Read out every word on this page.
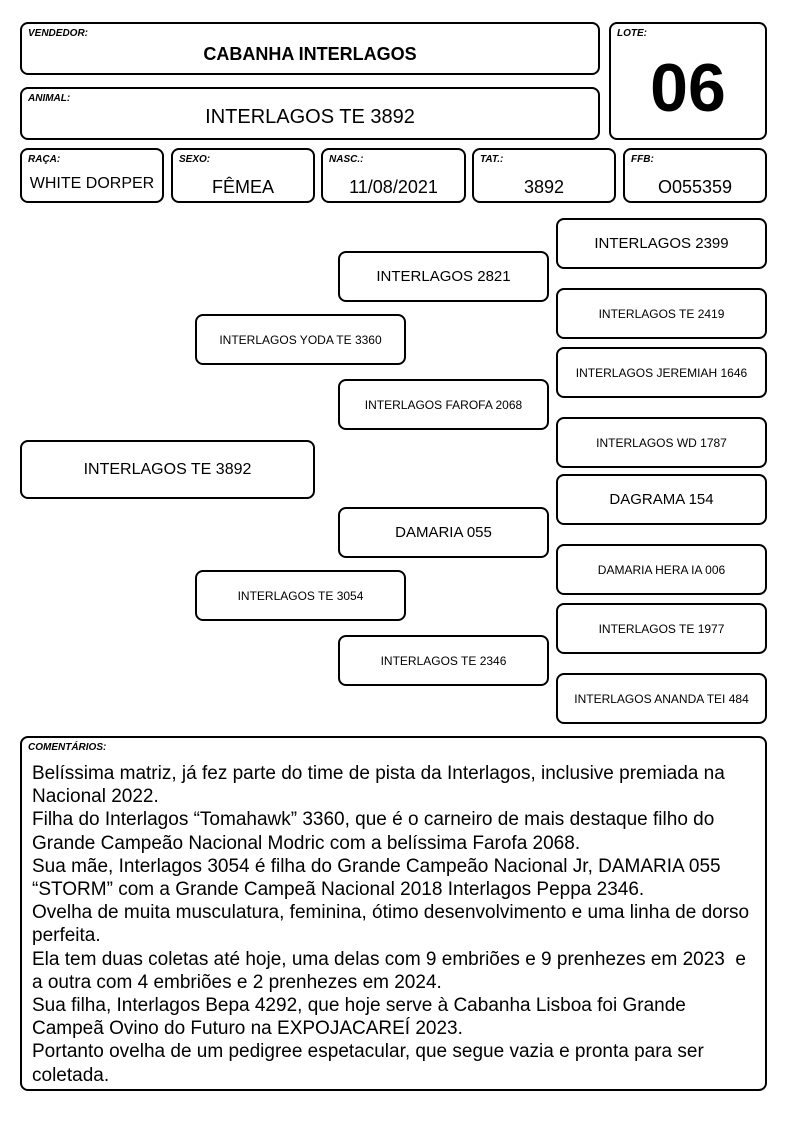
VENDEDOR:
CABANHA INTERLAGOS
ANIMAL:
INTERLAGOS TE 3892
LOTE:
06
RAÇA:
WHITE DORPER
SEXO:
FÊMEA
NASC.:
11/08/2021
TAT.:
3892
FFB:
O055359
INTERLAGOS TE 3892
INTERLAGOS YODA TE 3360
INTERLAGOS TE 3054
INTERLAGOS 2821
INTERLAGOS FAROFA 2068
DAMARIA 055
INTERLAGOS TE 2346
INTERLAGOS 2399
INTERLAGOS TE 2419
INTERLAGOS JEREMIAH 1646
INTERLAGOS WD 1787
DAGRAMA 154
DAMARIA HERA IA 006
INTERLAGOS TE 1977
INTERLAGOS ANANDA TEI 484
COMENTÁRIOS:

Belíssima matriz, já fez parte do time de pista da Interlagos, inclusive premiada na Nacional 2022.

Filha do Interlagos “Tomahawk” 3360, que é o carneiro de mais destaque filho do Grande Campeão Nacional Modric com a belíssima Farofa 2068.

Sua mãe, Interlagos 3054 é filha do Grande Campeão Nacional Jr, DAMARIA 055  “STORM” com a Grande Campeã Nacional 2018 Interlagos Peppa 2346.

Ovelha de muita musculatura, feminina, ótimo desenvolvimento e uma linha de dorso perfeita.

Ela tem duas coletas até hoje, uma delas com 9 embriões e 9 prenhezes em 2023  e a outra com 4 embriões e 2 prenhezes em 2024.

Sua filha, Interlagos Bepa 4292, que hoje serve à Cabanha Lisboa foi Grande Campeã Ovino do Futuro na EXPOJACAREÍ 2023.

Portanto ovelha de um pedigree espetacular, que segue vazia e pronta para ser coletada.
